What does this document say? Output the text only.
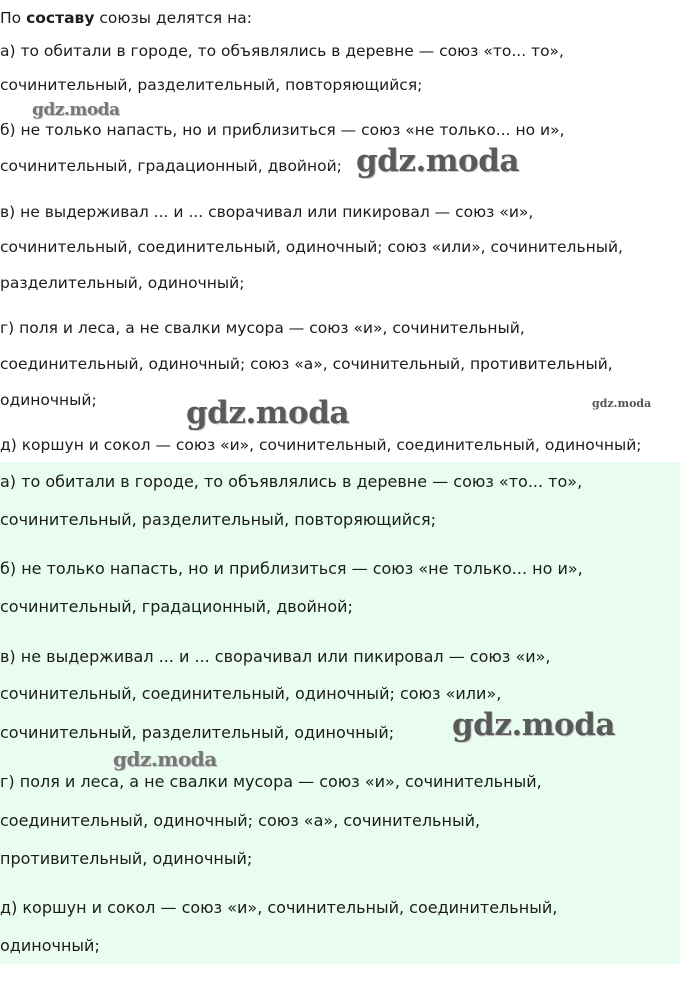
По составу союзы делятся на:
а) то обитали в городе, то объявлялись в деревне — союз «то... то»,
сочинительный, разделительный, повторяющийся;
б) не только напасть, но и приблизиться — союз «не только... но и»,
сочинительный, градационный, двойной;
в) не выдерживал ... и ... сворачивал или пикировал — союз «и»,
сочинительный, соединительный, одиночный; союз «или», сочинительный,
разделительный, одиночный;
г) поля и леса, а не свалки мусора — союз «и», сочинительный,
соединительный, одиночный; союз «а», сочинительный, противительный,
одиночный;
д) коршун и сокол — союз «и», сочинительный, соединительный, одиночный;
а) то обитали в городе, то объявлялись в деревне — союз «то... то»,
сочинительный, разделительный, повторяющийся;
б) не только напасть, но и приблизиться — союз «не только... но и»,
сочинительный, градационный, двойной;
в) не выдерживал ... и ... сворачивал или пикировал — союз «и»,
сочинительный, соединительный, одиночный; союз «или»,
сочинительный, разделительный, одиночный;
г) поля и леса, а не свалки мусора — союз «и», сочинительный,
соединительный, одиночный; союз «а», сочинительный,
противительный, одиночный;
д) коршун и сокол — союз «и», сочинительный, соединительный,
одиночный;
gdz.moda
gdz.moda
gdz.moda	gdz.moda
gdz.moda
gdz.moda
